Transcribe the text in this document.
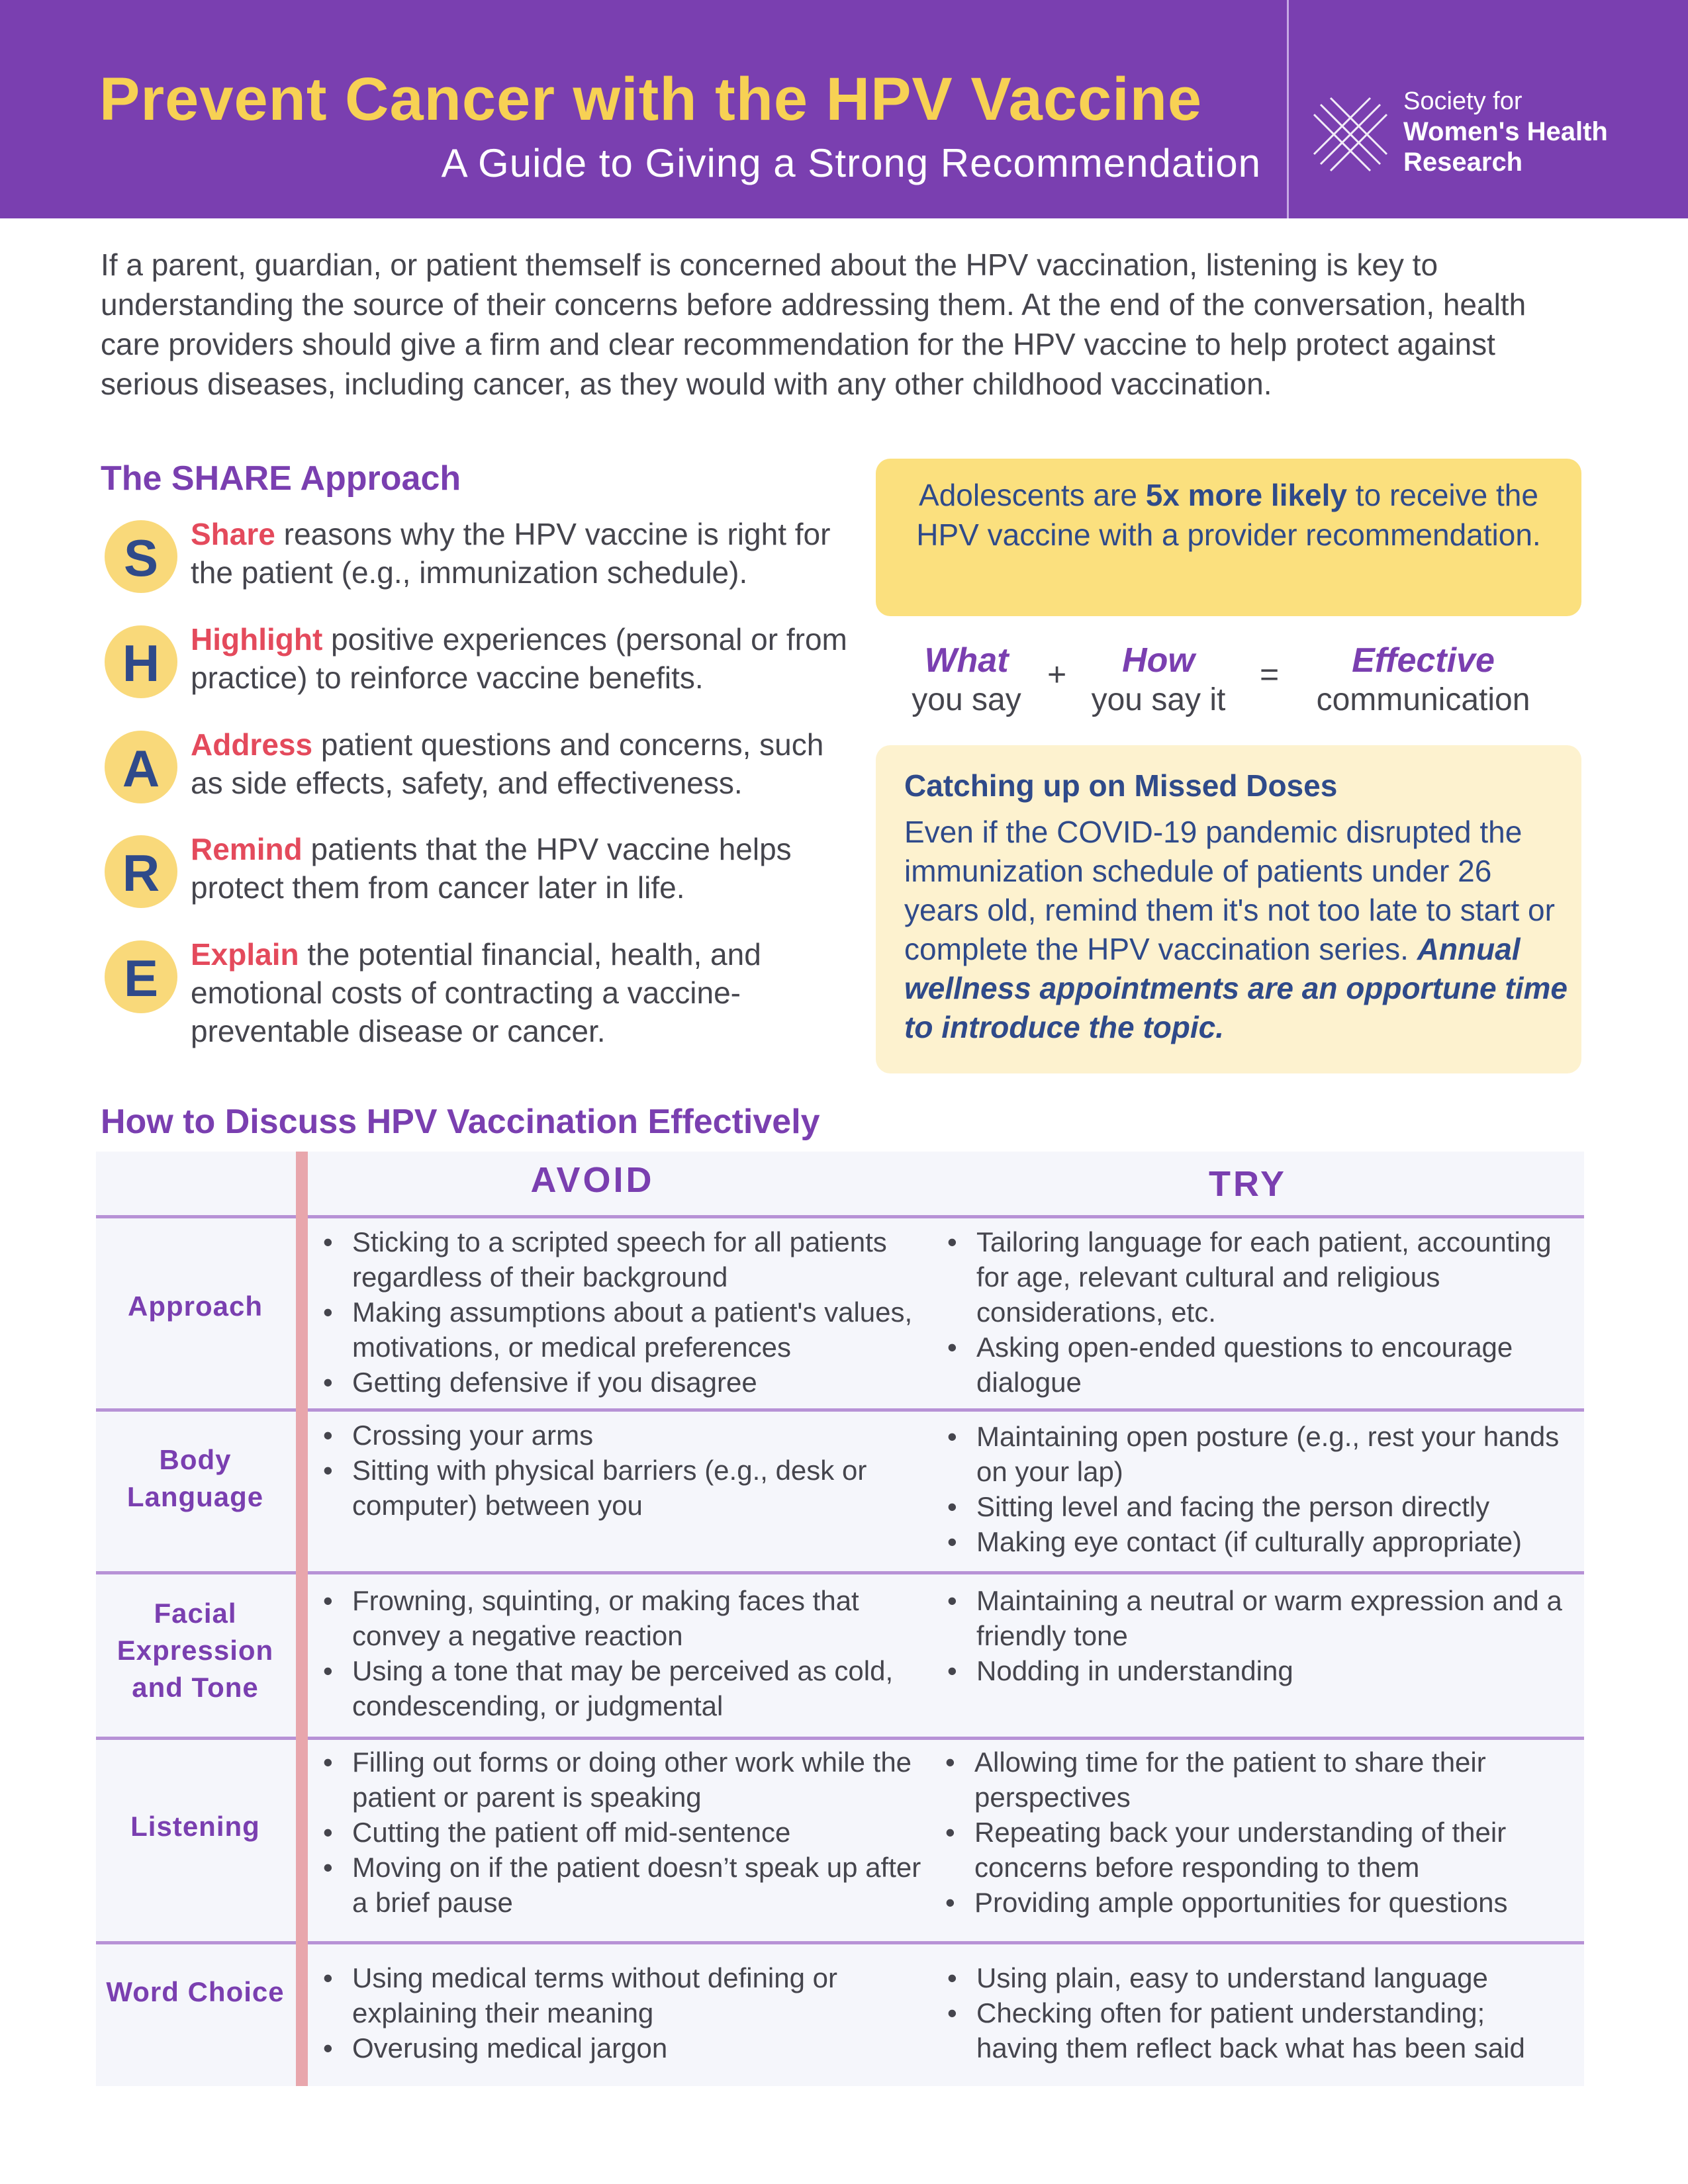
Prevent Cancer with the HPV Vaccine
A Guide to Giving a Strong Recommendation
Society for
Women's Health
Research
If a parent, guardian, or patient themself is concerned about the HPV vaccination, listening is key to understanding the source of their concerns before addressing them. At the end of the conversation, health care providers should give a firm and clear recommendation for the HPV vaccine to help protect against serious diseases, including cancer, as they would with any other childhood vaccination.
The SHARE Approach
S	Share reasons why the HPV vaccine is right for the patient (e.g., immunization schedule).
H	Highlight positive experiences (personal or from practice) to reinforce vaccine benefits.
A	Address patient questions and concerns, such as side effects, safety, and effectiveness.
R	Remind patients that the HPV vaccine helps protect them from cancer later in life.
E	Explain the potential financial, health, and emotional costs of contracting a vaccine-preventable disease or cancer.
Adolescents are 5x more likely to receive the HPV vaccine with a provider recommendation.
What
you say
+	How
you say it
=	Effective
communication
Catching up on Missed Doses
Even if the COVID-19 pandemic disrupted the immunization schedule of patients under 26 years old, remind them it's not too late to start or complete the HPV vaccination series. Annual wellness appointments are an opportune time to introduce the topic.
How to Discuss HPV Vaccination Effectively
AVOID	TRY
Approach
• Sticking to a scripted speech for all patients regardless of their background
• Making assumptions about a patient's values, motivations, or medical preferences
• Getting defensive if you disagree
• Tailoring language for each patient, accounting for age, relevant cultural and religious considerations, etc.
• Asking open-ended questions to encourage dialogue
Body Language
• Crossing your arms
• Sitting with physical barriers (e.g., desk or computer) between you
• Maintaining open posture (e.g., rest your hands on your lap)
• Sitting level and facing the person directly
• Making eye contact (if culturally appropriate)
Facial Expression and Tone
• Frowning, squinting, or making faces that convey a negative reaction
• Using a tone that may be perceived as cold, condescending, or judgmental
• Maintaining a neutral or warm expression and a friendly tone
• Nodding in understanding
Listening
• Filling out forms or doing other work while the patient or parent is speaking
• Cutting the patient off mid-sentence
• Moving on if the patient doesn’t speak up after a brief pause
• Allowing time for the patient to share their perspectives
• Repeating back your understanding of their concerns before responding to them
• Providing ample opportunities for questions
Word Choice
•	Using medical terms without defining or explaining their meaning
• Overusing medical jargon
• Using plain, easy to understand language
• Checking often for patient understanding; having them reflect back what has been said
